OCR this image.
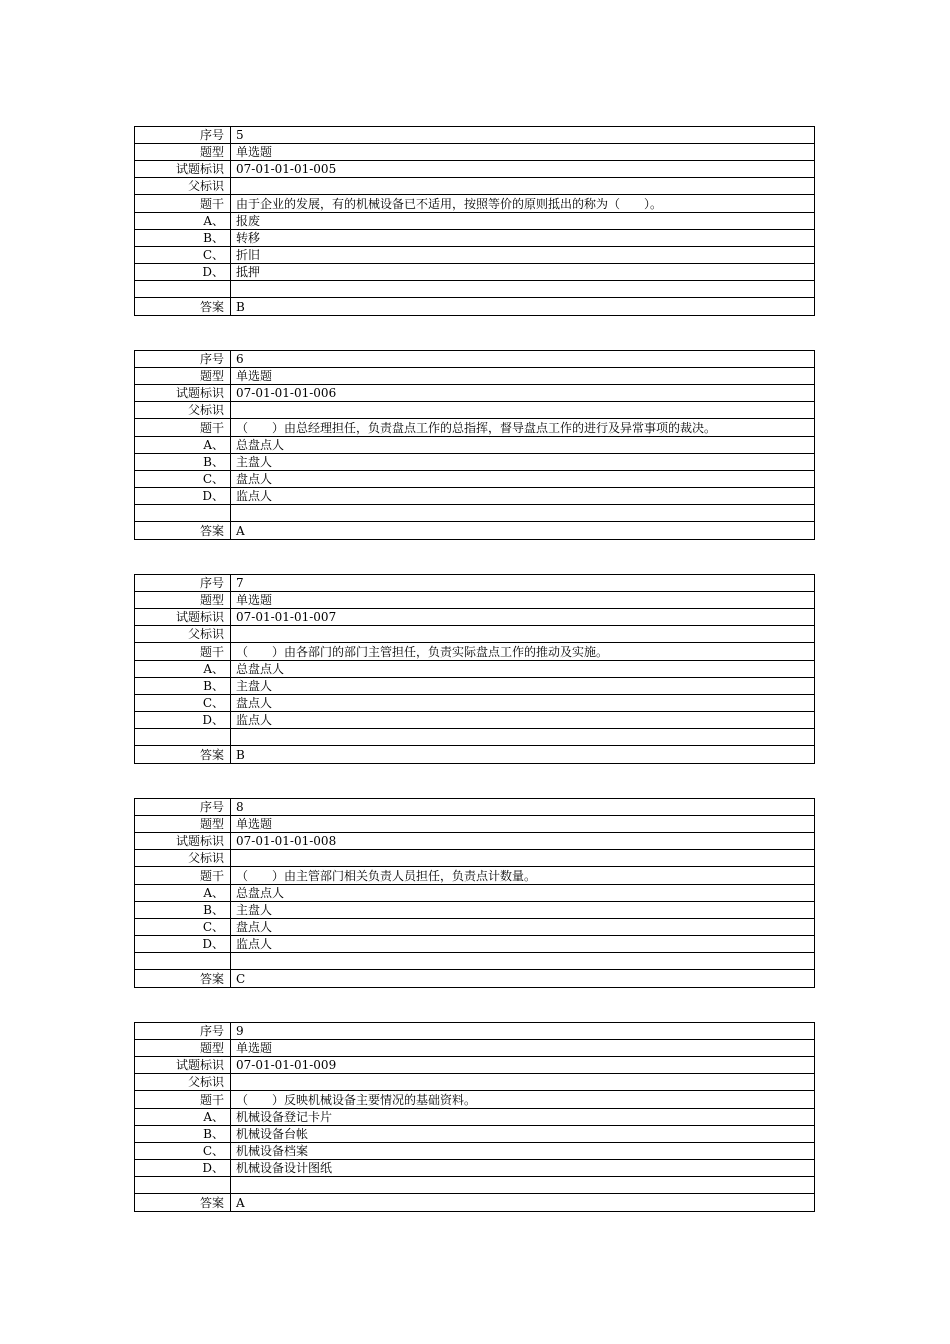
序号	5
题型	单选题
试题标识	07-01-01-01-005
父标识	
题干	由于企业的发展，有的机械设备已不适用，按照等价的原则抵出的称为（　　）。
A、	报废
B、	转移
C、	折旧
D、	抵押

答案	B
序号	6
题型	单选题
试题标识	07-01-01-01-006
父标识	
题干	（　　）由总经理担任，负责盘点工作的总指挥，督导盘点工作的进行及异常事项的裁决。
A、	总盘点人
B、	主盘人
C、	盘点人
D、	监点人

答案	A
序号	7
题型	单选题
试题标识	07-01-01-01-007
父标识	
题干	（　　）由各部门的部门主管担任，负责实际盘点工作的推动及实施。
A、	总盘点人
B、	主盘人
C、	盘点人
D、	监点人

答案	B
序号	8
题型	单选题
试题标识	07-01-01-01-008
父标识	
题干	（　　）由主管部门相关负责人员担任，负责点计数量。
A、	总盘点人
B、	主盘人
C、	盘点人
D、	监点人

答案	C
序号	9
题型	单选题
试题标识	07-01-01-01-009
父标识	
题干	（　　）反映机械设备主要情况的基础资料。
A、	机械设备登记卡片
B、	机械设备台帐
C、	机械设备档案
D、	机械设备设计图纸

答案	A
